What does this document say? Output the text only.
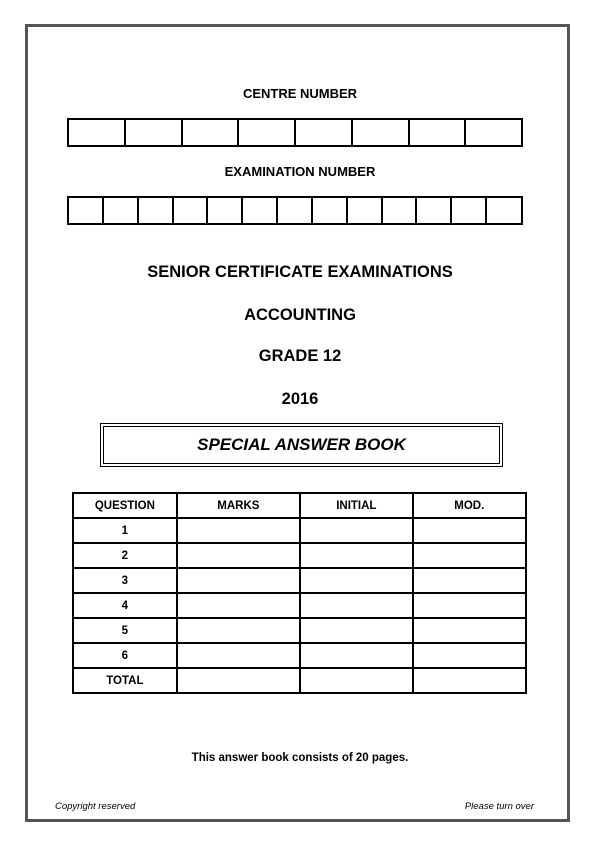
CENTRE NUMBER
EXAMINATION NUMBER
SENIOR CERTIFICATE EXAMINATIONS
ACCOUNTING
GRADE 12
2016
SPECIAL ANSWER BOOK
QUESTION	MARKS	INITIAL	MOD.
1			
2			
3			
4			
5			
6			
TOTAL			
This answer book consists of 20 pages.
Copyright reserved	Please turn over
